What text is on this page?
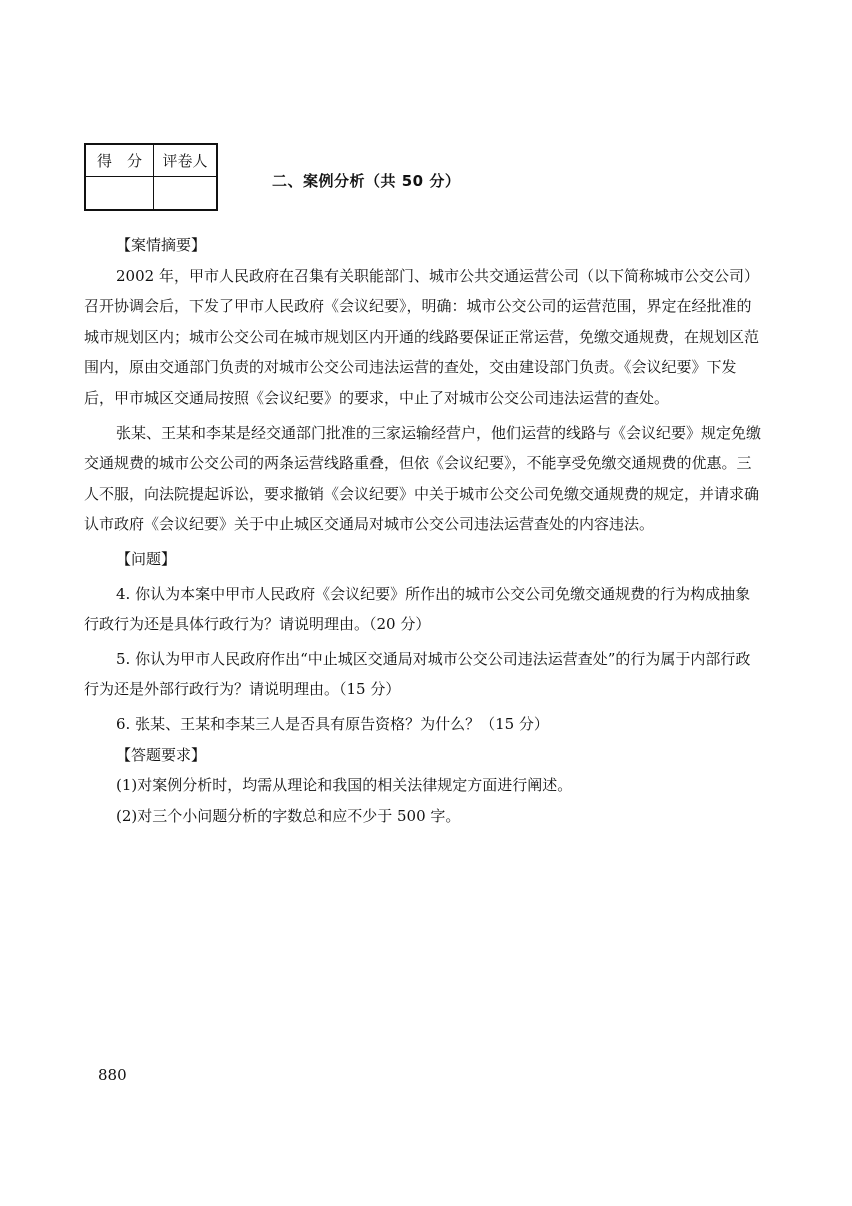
得　分	评卷人
二、案例分析（共 50 分）

【案情摘要】

2002 年，甲市人民政府在召集有关职能部门、城市公共交通运营公司（以下简称城市公交公司）召开协调会后，下发了甲市人民政府《会议纪要》，明确：城市公交公司的运营范围，界定在经批准的城市规划区内；城市公交公司在城市规划区内开通的线路要保证正常运营，免缴交通规费，在规划区范围内，原由交通部门负责的对城市公交公司违法运营的查处，交由建设部门负责。《会议纪要》下发后，甲市城区交通局按照《会议纪要》的要求，中止了对城市公交公司违法运营的查处。

张某、王某和李某是经交通部门批准的三家运输经营户，他们运营的线路与《会议纪要》规定免缴交通规费的城市公交公司的两条运营线路重叠，但依《会议纪要》，不能享受免缴交通规费的优惠。三人不服，向法院提起诉讼，要求撤销《会议纪要》中关于城市公交公司免缴交通规费的规定，并请求确认市政府《会议纪要》关于中止城区交通局对城市公交公司违法运营查处的内容违法。

【问题】

4. 你认为本案中甲市人民政府《会议纪要》所作出的城市公交公司免缴交通规费的行为构成抽象行政行为还是具体行政行为？请说明理由。（20 分）

5. 你认为甲市人民政府作出“中止城区交通局对城市公交公司违法运营查处”的行为属于内部行政行为还是外部行政行为？请说明理由。（15 分）

6. 张某、王某和李某三人是否具有原告资格？为什么？（15 分）

【答题要求】

(1)对案例分析时，均需从理论和我国的相关法律规定方面进行阐述。

(2)对三个小问题分析的字数总和应不少于 500 字。

880
